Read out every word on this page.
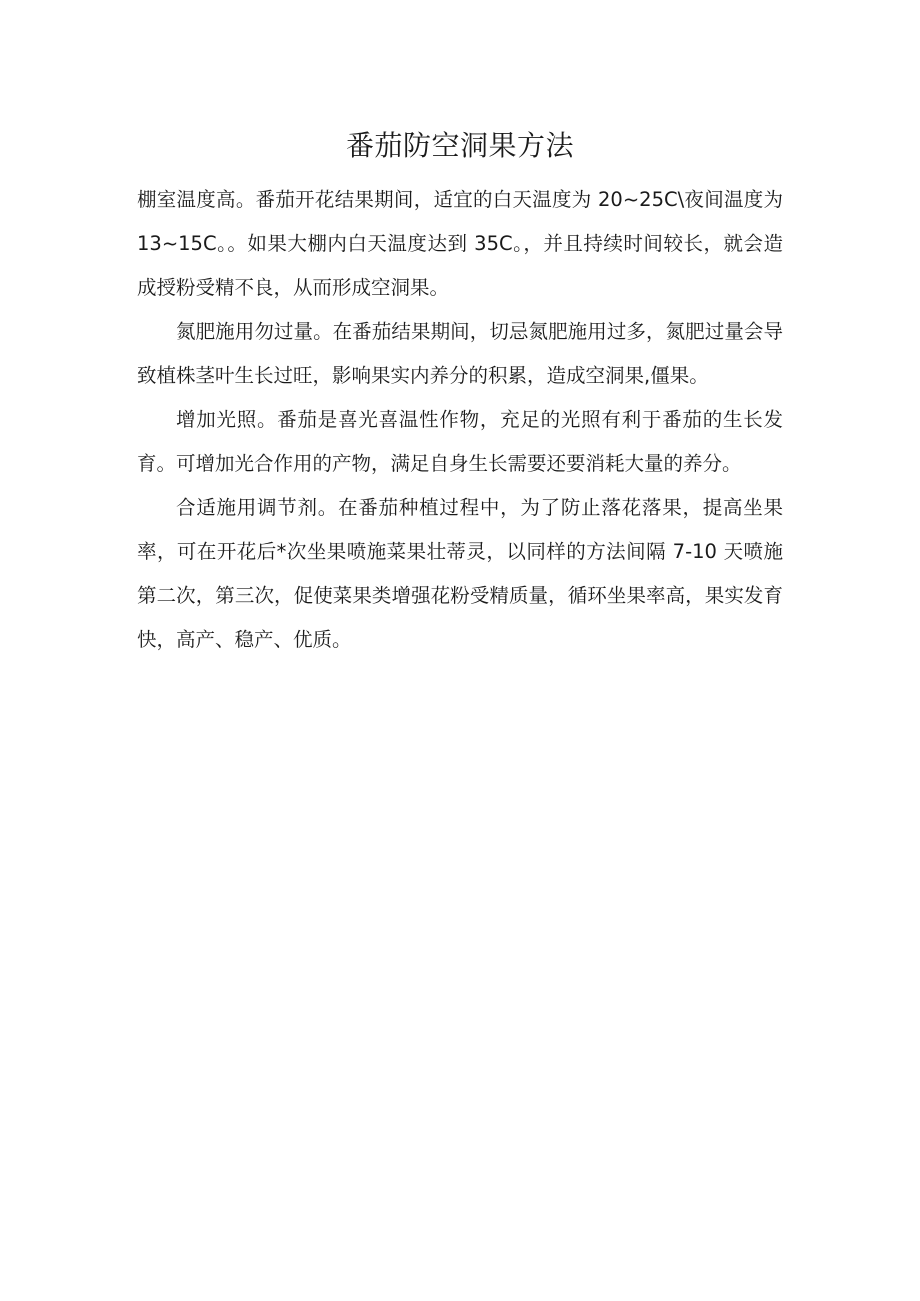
番茄防空洞果方法

棚室温度高。番茄开花结果期间，适宜的白天温度为 20~25C\夜间温度为 13~15C。。如果大棚内白天温度达到 35C。，并且持续时间较长，就会造成授粉受精不良，从而形成空洞果。

氮肥施用勿过量。在番茄结果期间，切忌氮肥施用过多，氮肥过量会导致植株茎叶生长过旺，影响果实内养分的积累，造成空洞果,僵果。

增加光照。番茄是喜光喜温性作物，充足的光照有利于番茄的生长发育。可增加光合作用的产物，满足自身生长需要还要消耗大量的养分。

合适施用调节剂。在番茄种植过程中，为了防止落花落果，提高坐果率，可在开花后*次坐果喷施菜果壮蒂灵，以同样的方法间隔 7-10 天喷施第二次，第三次，促使菜果类增强花粉受精质量，循环坐果率高，果实发育快，高产、稳产、优质。
